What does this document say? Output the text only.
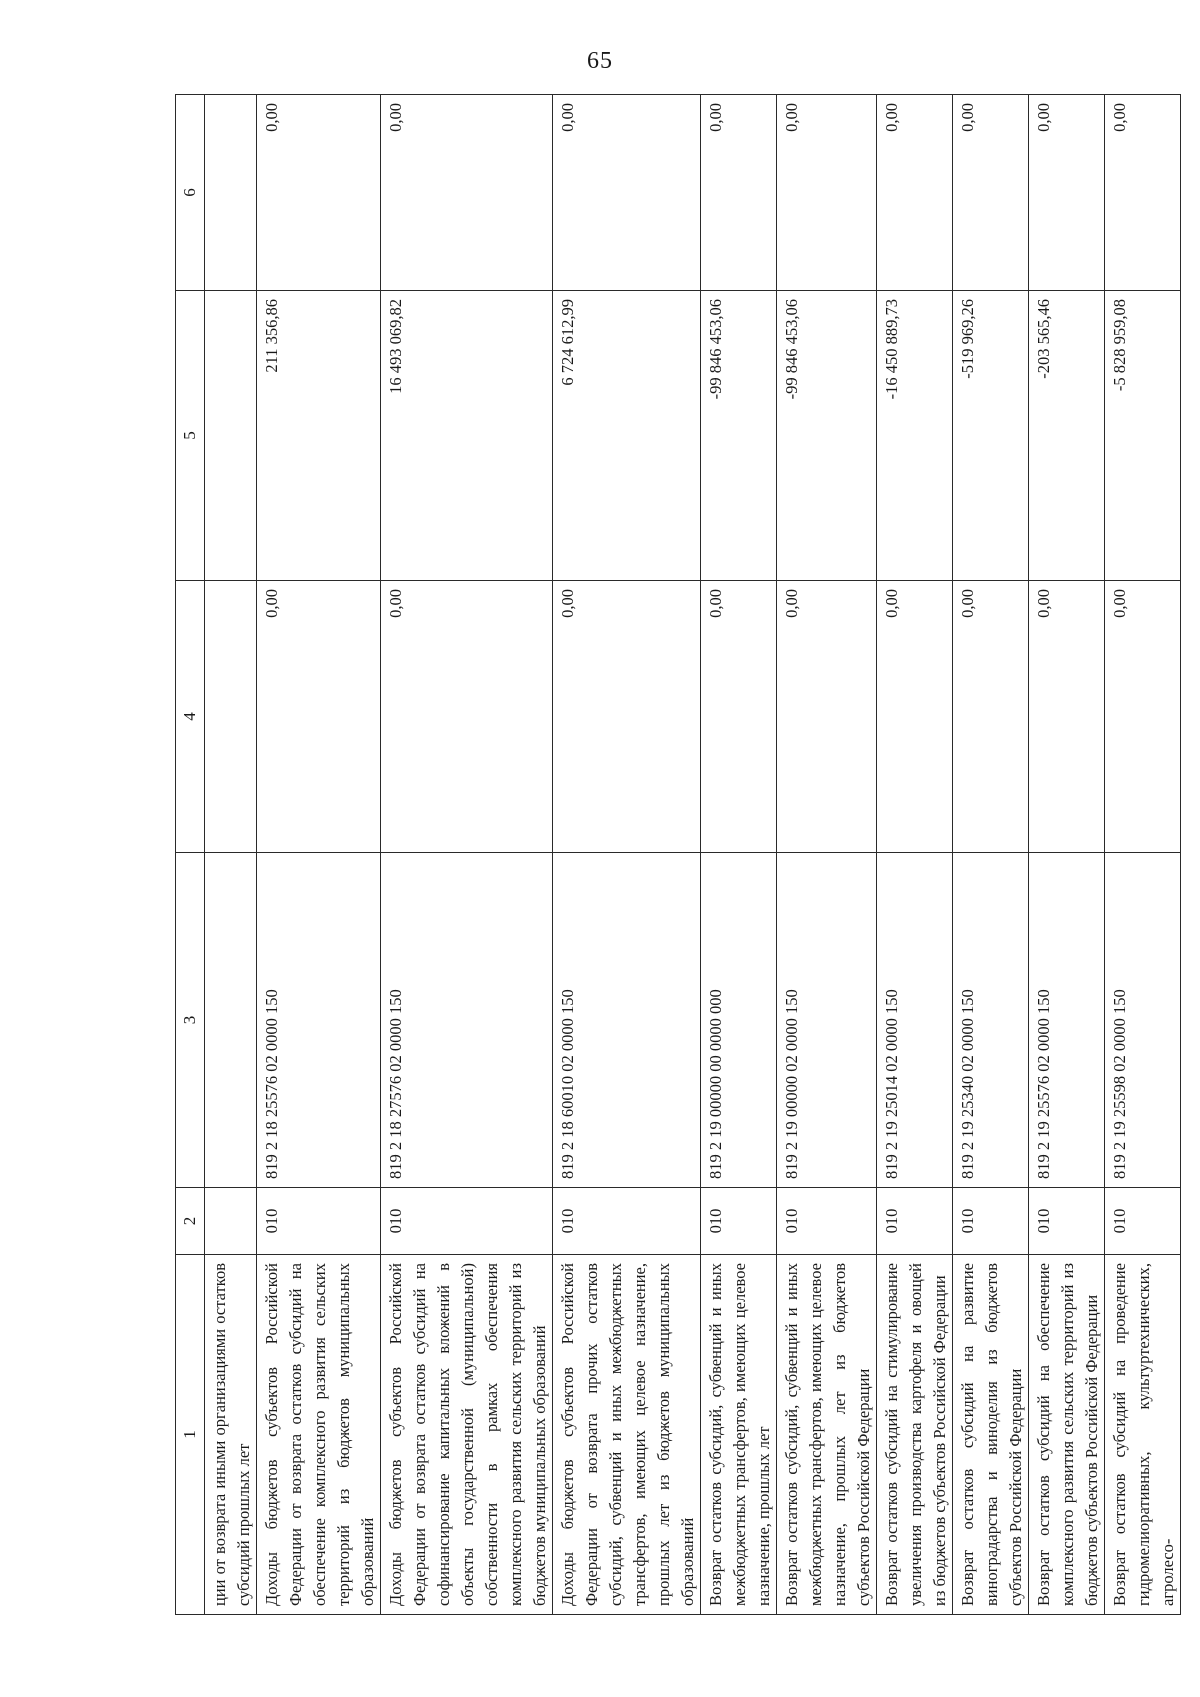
65
1	2	3	4	5	6
ции от возврата иными организациями остатков субсидий прошлых лет					
Доходы бюджетов субъектов Российской Федерации от возврата остатков субсидий на обеспечение комплексного развития сельских территорий из бюджетов муниципальных образований	010	819 2 18 25576 02 0000 150	0,00	211 356,86	0,00
Доходы бюджетов субъектов Российской Федерации от возврата остатков субсидий на софинансирование капитальных вложений в объекты государственной (муниципальной) собственности в рамках обеспечения комплексного развития сельских территорий из бюджетов муниципальных образований	010	819 2 18 27576 02 0000 150	0,00	16 493 069,82	0,00
Доходы бюджетов субъектов Российской Федерации от возврата прочих остатков субсидий, субвенций и иных межбюджетных трансфертов, имеющих целевое назначение, прошлых лет из бюджетов муниципальных образований	010	819 2 18 60010 02 0000 150	0,00	6 724 612,99	0,00
Возврат остатков субсидий, субвенций и иных межбюджетных трансфертов, имеющих целевое назначение, прошлых лет	010	819 2 19 00000 00 0000 000	0,00	-99 846 453,06	0,00
Возврат остатков субсидий, субвенций и иных межбюджетных трансфертов, имеющих целевое назначение, прошлых лет из бюджетов субъектов Российской Федерации	010	819 2 19 00000 02 0000 150	0,00	-99 846 453,06	0,00
Возврат остатков субсидий на стимулирование увеличения производства картофеля и овощей из бюджетов субъектов Российской Федерации	010	819 2 19 25014 02 0000 150	0,00	-16 450 889,73	0,00
Возврат остатков субсидий на развитие виноградарства и виноделия из бюджетов субъектов Российской Федерации	010	819 2 19 25340 02 0000 150	0,00	-519 969,26	0,00
Возврат остатков субсидий на обеспечение комплексного развития сельских территорий из бюджетов субъектов Российской Федерации	010	819 2 19 25576 02 0000 150	0,00	-203 565,46	0,00
Возврат остатков субсидий на проведение гидромелиоративных, культуртехнических, агролесо-	010	819 2 19 25598 02 0000 150	0,00	-5 828 959,08	0,00
